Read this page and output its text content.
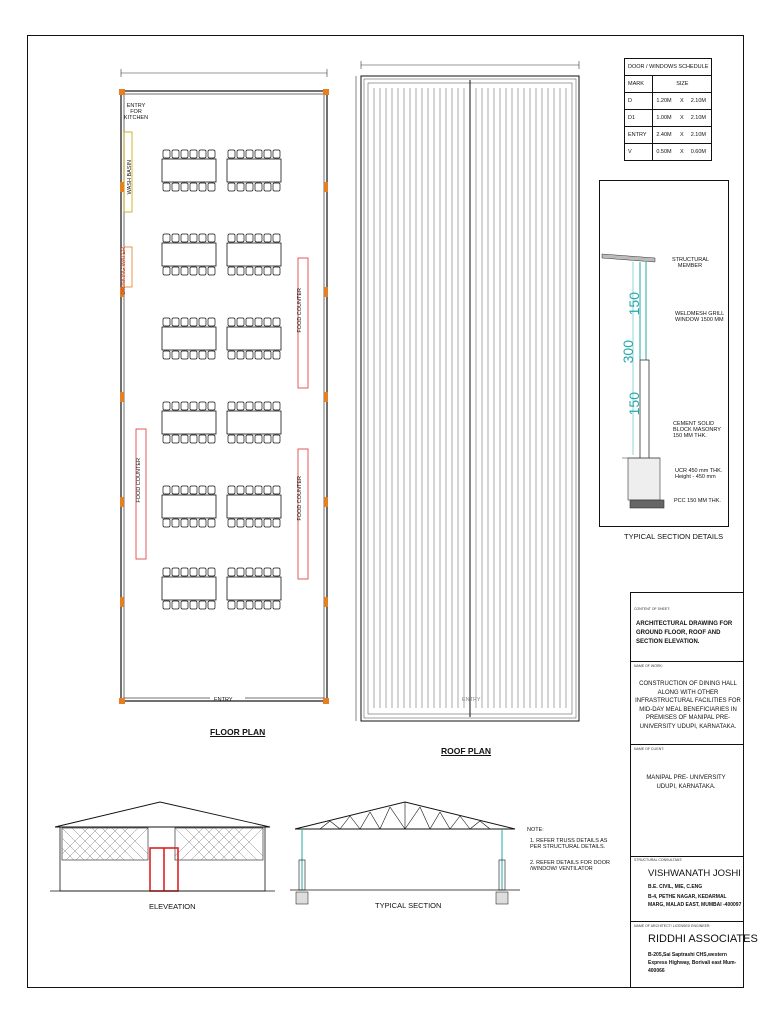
ENTRY FOR KITCHEN
WASH BASIN
DRINKING WATER
FOOD COUNTER
FOOD COUNTER
FOOD COUNTER
ENTRY
FLOOR PLAN
ENTRY
ROOF PLAN
DOOR / WINDOWS SCHEDULE			
MARK	SIZE		
D	1.20M	X	2.10M
D1	1.00M	X	2.10M
ENTRY	2.40M	X	2.10M
V	0.50M	X	0.60M
150
300
150
STRUCTURAL MEMBER
WELDMESH GRILL WINDOW 1500 MM
CEMENT SOLID BLOCK MASONRY 150 MM THK.
UCR 450 mm THK. Height - 450 mm
PCC 150 MM THK.
TYPICAL SECTION DETAILS
ELEVEATION	TYPICAL SECTION
NOTE:
1. REFER TRUSS DETAILS AS PER STRUCTURAL DETAILS.
2. REFER DETAILS FOR DOOR /WINDOW/ VENTILATOR
CONTENT OF SHEET:
ARCHITECTURAL DRAWING FOR GROUND FLOOR, ROOF AND SECTION ELEVATION.
NAME OF WORK:
CONSTRUCTION OF DINING HALL ALONG WITH OTHER INFRASTRUCTURAL FACILITIES FOR MID-DAY MEAL BENEFICIARIES IN PREMISES OF MANIPAL PRE- UNIVERSITY UDUPI, KARNATAKA.
NAME OF CLIENT:
MANIPAL PRE- UNIVERSITY UDUPI, KARNATAKA.
STRUCTURAL CONSULTANT:
VISHWANATH JOSHI
B.E. CIVIL, MIE, C.ENG
B-4, PETHE NAGAR, KEDARMAL MARG, MALAD EAST, MUMBAI -400097
NAME OF ARCHITECT/ LICENSED ENGINEER:
RIDDHI ASSOCIATES
B-205,Sai Saptrashi CHS,western Express Highway, Borivali east Mum- 400066
